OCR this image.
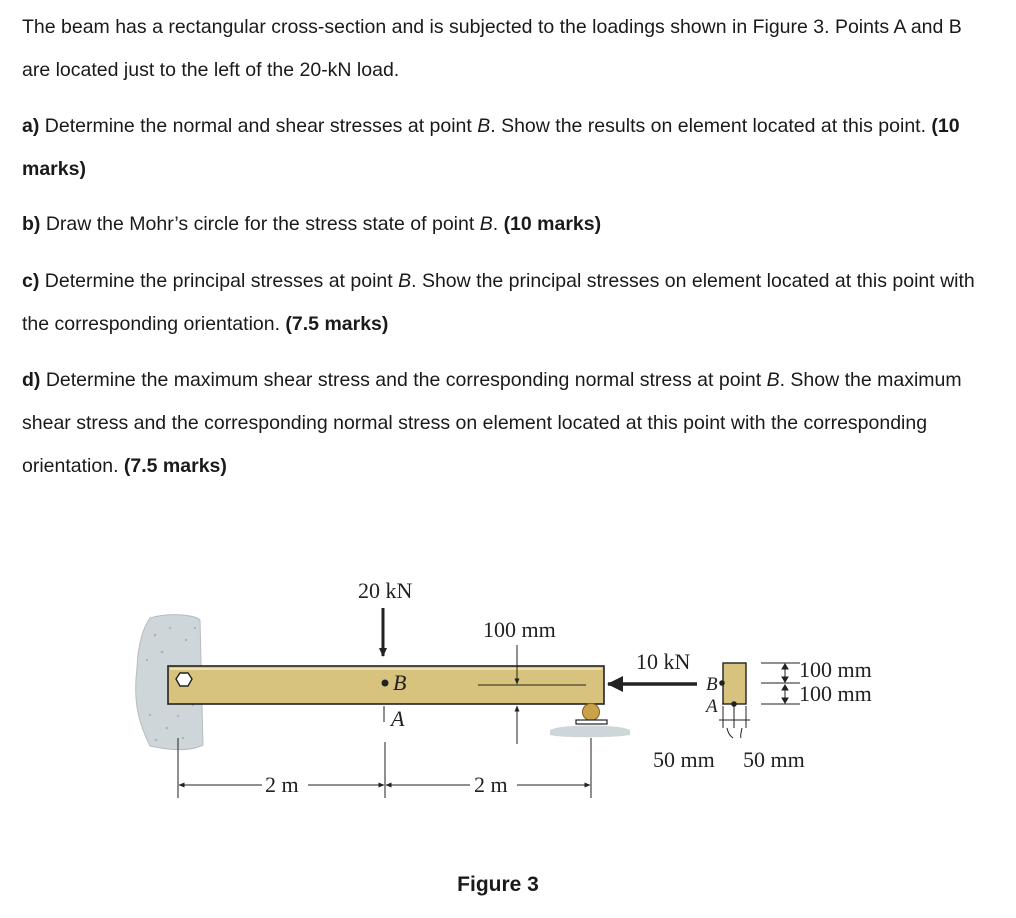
The beam has a rectangular cross-section and is subjected to the loadings shown in Figure 3. Points A and B are located just to the left of the 20-kN load.

a) Determine the normal and shear stresses at point B. Show the results on element located at this point. (10 marks)

b) Draw the Mohr’s circle for the stress state of point B. (10 marks)

c) Determine the principal stresses at point B. Show the principal stresses on element located at this point with the corresponding orientation. (7.5 marks)

d) Determine the maximum shear stress and the corresponding normal stress at point B. Show the maximum shear stress and the corresponding normal stress on element located at this point with the corresponding orientation. (7.5 marks)

20 kN
B
A
100 mm
10 kN
2 m	2 m
B
A
100 mm
100 mm
50 mm 50 mm
Figure 3
